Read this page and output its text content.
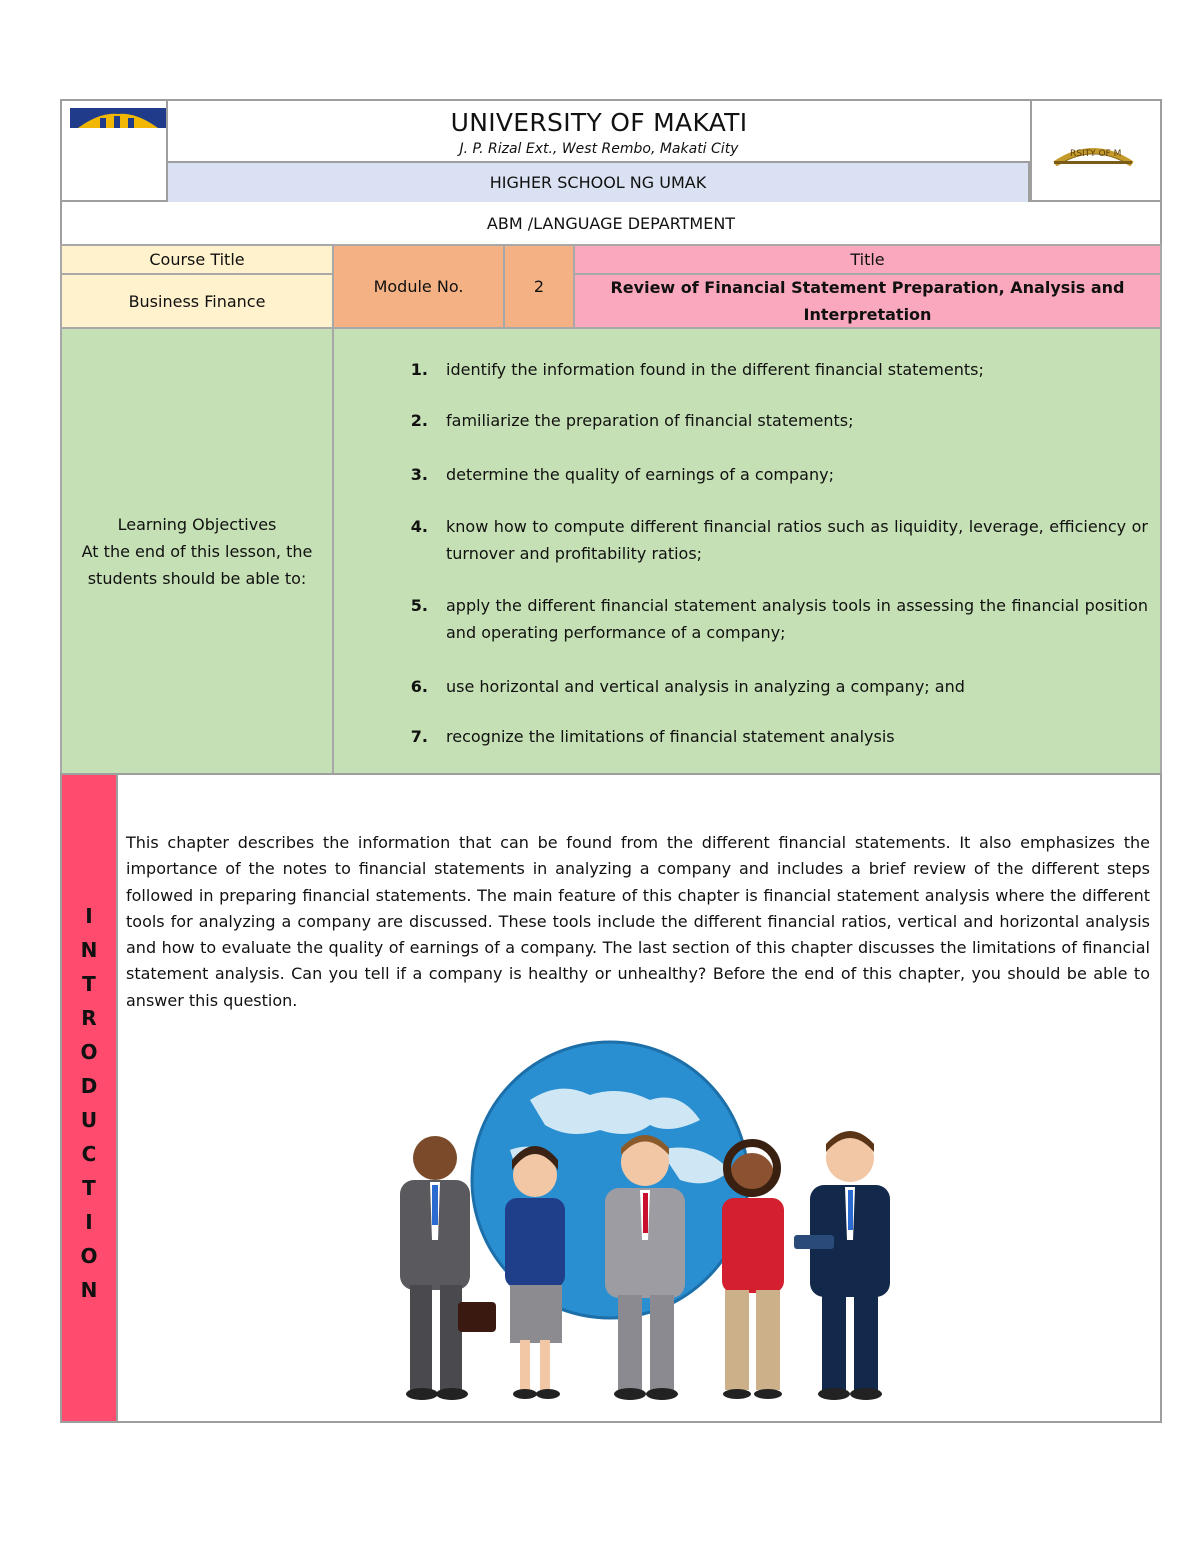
UNIVERSITY OF MAKATI
J. P. Rizal Ext., West Rembo, Makati City
HIGHER SCHOOL NG UMAK
RSITY OF M
ABM /LANGUAGE DEPARTMENT
Course Title
Business Finance
Module No.	2
Title
Review of Financial Statement Preparation, Analysis and Interpretation
Learning Objectives
At the end of this lesson, the students should be able to:
1.	identify the information found in the different financial statements;
2.	familiarize the preparation of financial statements;
3.	determine the quality of earnings of a company;
4.	know how to compute different financial ratios such as liquidity, leverage, efficiency or turnover and profitability ratios;
5.	apply the different financial statement analysis tools in assessing the financial position and operating performance of a company;
6.	use horizontal and vertical analysis in analyzing a company; and
7.	recognize the limitations of financial statement analysis
I
N
T
R
O
D
U
C
T
I
O
N
This chapter describes the information that can be found from the different financial statements. It also emphasizes the importance of the notes to financial statements in analyzing a company and includes a brief review of the different steps followed in preparing financial statements. The main feature of this chapter is financial statement analysis where the different tools for analyzing a company are discussed. These tools include the different financial ratios, vertical and horizontal analysis and how to evaluate the quality of earnings of a company. The last section of this chapter discusses the limitations of financial statement analysis. Can you tell if a company is healthy or unhealthy? Before the end of this chapter, you should be able to answer this question.
